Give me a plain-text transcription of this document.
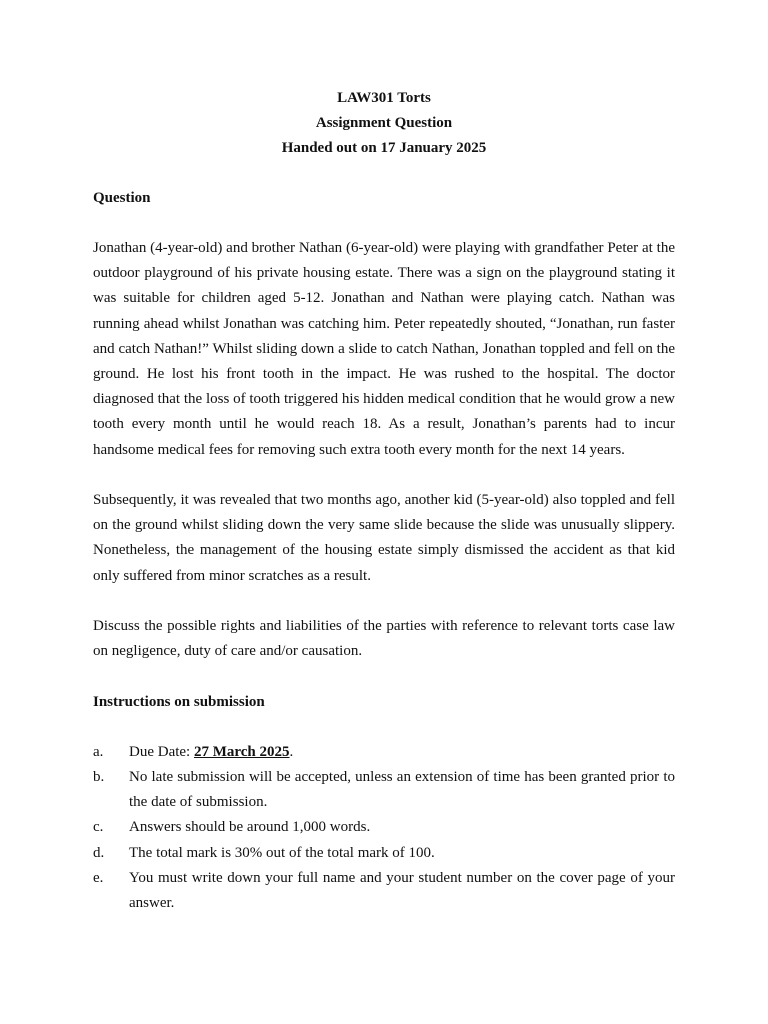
LAW301 Torts

Assignment Question

Handed out on 17 January 2025

Question

Jonathan (4-year-old) and brother Nathan (6-year-old) were playing with grandfather Peter at the outdoor playground of his private housing estate. There was a sign on the playground stating it was suitable for children aged 5-12. Jonathan and Nathan were playing catch. Nathan was running ahead whilst Jonathan was catching him. Peter repeatedly shouted, “Jonathan, run faster and catch Nathan!” Whilst sliding down a slide to catch Nathan, Jonathan toppled and fell on the ground. He lost his front tooth in the impact. He was rushed to the hospital. The doctor diagnosed that the loss of tooth triggered his hidden medical condition that he would grow a new tooth every month until he would reach 18. As a result, Jonathan’s parents had to incur handsome medical fees for removing such extra tooth every month for the next 14 years.

Subsequently, it was revealed that two months ago, another kid (5-year-old) also toppled and fell on the ground whilst sliding down the very same slide because the slide was unusually slippery. Nonetheless, the management of the housing estate simply dismissed the accident as that kid only suffered from minor scratches as a result.

Discuss the possible rights and liabilities of the parties with reference to relevant torts case law on negligence, duty of care and/or causation.

Instructions on submission

a.	Due Date: 27 March 2025.
b.	No late submission will be accepted, unless an extension of time has been granted prior to the date of submission.
c.	Answers should be around 1,000 words.
d.	The total mark is 30% out of the total mark of 100.
e.	You must write down your full name and your student number on the cover page of your answer.
